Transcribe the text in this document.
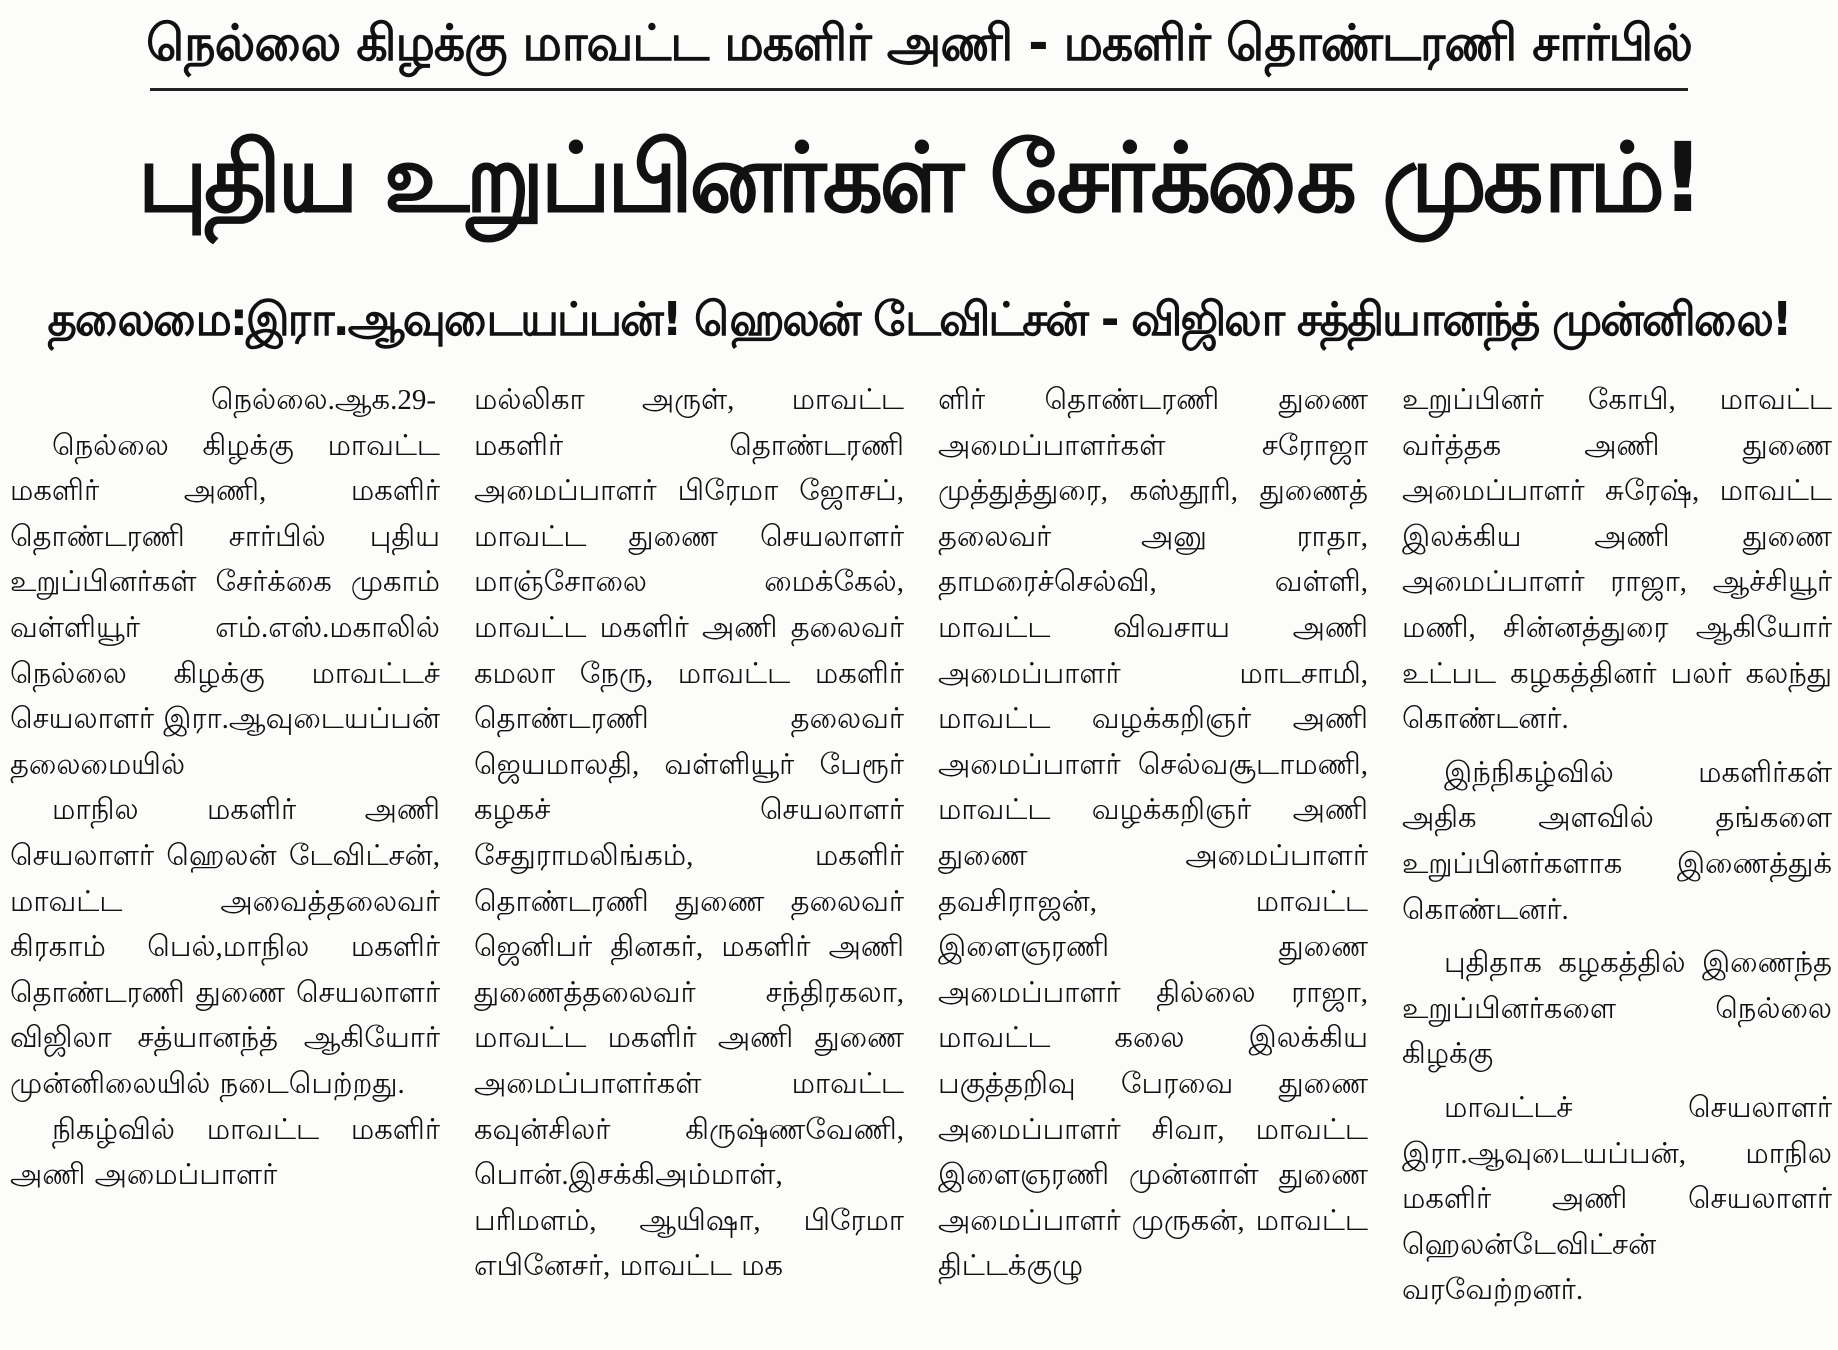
நெல்லை கிழக்கு மாவட்ட மகளிர் அணி - மகளிர் தொண்டரணி சார்பில்
புதிய உறுப்பினர்கள் சேர்க்கை முகாம்!
தலைமை:இரா.ஆவுடையப்பன்! ஹெலன் டேவிட்சன் - விஜிலா சத்தியானந்த் முன்னிலை!

நெல்லை.ஆக.29-

நெல்லை கிழக்கு மாவட்ட மகளிர் அணி, மகளிர் தொண்டரணி சார்பில் புதிய உறுப்பினர்கள் சேர்க்கை முகாம் வள்ளியூர் எம்.எஸ்.மகாலில் நெல்லை கிழக்கு மாவட்டச் செயலாளர் இரா.ஆவுடையப்பன் தலைமையில்

மாநில மகளிர் அணி செயலாளர் ஹெலன் டேவிட்சன், மாவட்ட அவைத்தலைவர் கிரகாம் பெல்,மாநில மகளிர் தொண்டரணி துணை செயலாளர் விஜிலா சத்யானந்த் ஆகியோர் முன்னிலையில் நடைபெற்றது.

நிகழ்வில் மாவட்ட மகளிர் அணி அமைப்பாளர்

மல்லிகா அருள், மாவட்ட மகளிர் தொண்டரணி அமைப்பாளர் பிரேமா ஜோசப், மாவட்ட துணை செயலாளர் மாஞ்சோலை மைக்கேல், மாவட்ட மகளிர் அணி தலைவர் கமலா நேரு, மாவட்ட மகளிர் தொண்டரணி தலைவர் ஜெயமாலதி, வள்ளியூர் பேரூர் கழகச் செயலாளர் சேதுராமலிங்கம், மகளிர் தொண்டரணி துணை தலைவர் ஜெனிபர் தினகர், மகளிர் அணி துணைத்தலைவர் சந்திரகலா, மாவட்ட மகளிர் அணி துணை அமைப்பாளர்கள் மாவட்ட கவுன்சிலர் கிருஷ்ணவேணி, பொன்.இசக்கிஅம்மாள், பரிமளம், ஆயிஷா, பிரேமா எபினேசர், மாவட்ட மக

ளிர் தொண்டரணி துணை அமைப்பாளர்கள் சரோஜா முத்துத்துரை, கஸ்தூரி, துணைத் தலைவர் அனு ராதா, தாமரைச்செல்வி, வள்ளி, மாவட்ட விவசாய அணி அமைப்பாளர் மாடசாமி, மாவட்ட வழக்கறிஞர் அணி அமைப்பாளர் செல்வசூடாமணி, மாவட்ட வழக்கறிஞர் அணி துணை அமைப்பாளர் தவசிராஜன், மாவட்ட இளைஞரணி துணை அமைப்பாளர் தில்லை ராஜா, மாவட்ட கலை இலக்கிய பகுத்தறிவு பேரவை துணை அமைப்பாளர் சிவா, மாவட்ட இளைஞரணி முன்னாள் துணை அமைப்பாளர் முருகன், மாவட்ட திட்டக்குழு

உறுப்பினர் கோபி, மாவட்ட வர்த்தக அணி துணை அமைப்பாளர் சுரேஷ், மாவட்ட இலக்கிய அணி துணை அமைப்பாளர் ராஜா, ஆச்சியூர் மணி, சின்னத்துரை ஆகியோர் உட்பட கழகத்தினர் பலர் கலந்து கொண்டனர்.

இந்நிகழ்வில் மகளிர்கள் அதிக அளவில் தங்களை உறுப்பினர்களாக இணைத்துக் கொண்டனர்.

புதிதாக கழகத்தில் இணைந்த உறுப்பினர்களை நெல்லை கிழக்கு

மாவட்டச் செயலாளர் இரா.ஆவுடையப்பன், மாநில மகளிர் அணி செயலாளர் ஹெலன்டேவிட்சன் வரவேற்றனர்.
